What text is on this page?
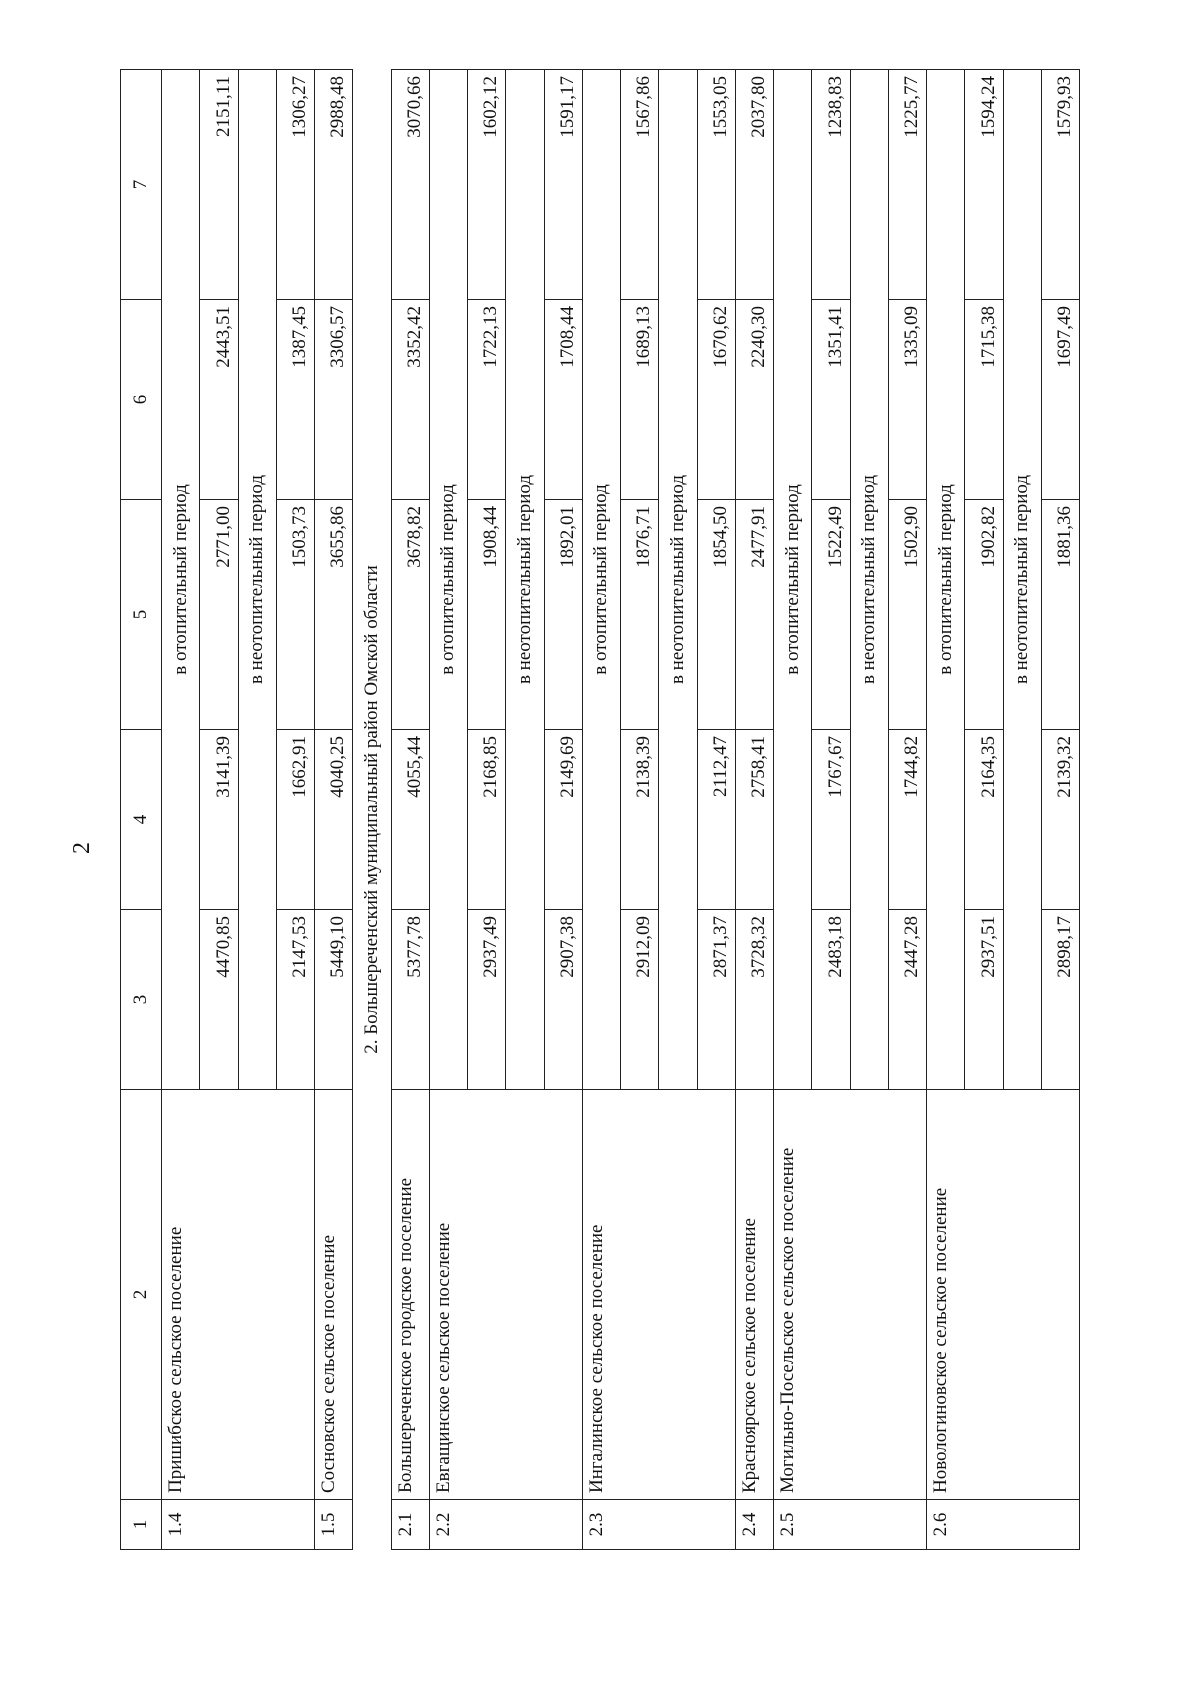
2
1	2	3	4	5	6	7
1.4	Пришибское сельское поселение	в отопительный период				
		4470,85	3141,39	2771,00	2443,51	2151,11
		в неотопительный период				
		2147,53	1662,91	1503,73	1387,45	1306,27
1.5	Сосновское сельское поселение	5449,10	4040,25	3655,86	3306,57	2988,48
2. Большереченский муниципальный район Омской области						
2.1	Большереченское городское поселение	5377,78	4055,44	3678,82	3352,42	3070,66
2.2	Евгащинское сельское поселение	в отопительный период				
		2937,49	2168,85	1908,44	1722,13	1602,12
		в неотопительный период				
		2907,38	2149,69	1892,01	1708,44	1591,17
2.3	Ингалинское сельское поселение	в отопительный период				
		2912,09	2138,39	1876,71	1689,13	1567,86
		в неотопительный период				
		2871,37	2112,47	1854,50	1670,62	1553,05
2.4	Красноярское сельское поселение	3728,32	2758,41	2477,91	2240,30	2037,80
2.5	Могильно-Посельское сельское поселение	в отопительный период				
		2483,18	1767,67	1522,49	1351,41	1238,83
		в неотопительный период				
		2447,28	1744,82	1502,90	1335,09	1225,77
2.6	Новологиновское сельское поселение	в отопительный период				
		2937,51	2164,35	1902,82	1715,38	1594,24
		в неотопительный период				
		2898,17	2139,32	1881,36	1697,49	1579,93
